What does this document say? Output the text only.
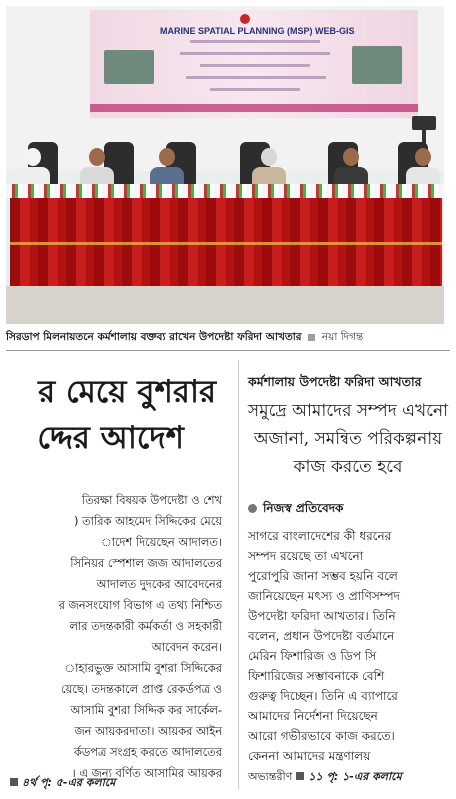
MARINE SPATIAL PLANNING (MSP) WEB-GIS
সিরডাপ মিলনায়তনে কর্মশালায় বক্তব্য রাখেন উপদেষ্টা ফরিদা আখতার নয়া দিগন্ত
র মেয়ে বুশরার
দ্দের আদেশ
তিরক্ষা বিষয়ক উপদেষ্টা ও শেখ
) তারিক আহমেদ সিদ্দিকের মেয়ে
াদেশ দিয়েছেন আদালত।
সিনিয়র স্পেশাল জজ আদালতের
আদালত দুদকের আবেদনের
র জনসংযোগ বিভাগ এ তথ্য নিশ্চিত
লার তদন্তকারী কর্মকর্তা ও সহকারী
আবেদন করেন।
াহারভুক্ত আসামি বুশরা সিদ্দিকের
য়েছে। তদন্তকালে প্রাপ্ত রেকর্ডপত্র ও
আসামি বুশরা সিদ্দিক কর সার্কেল-
জন আয়করদাতা। আয়কর আইন
র্কডপত্র সংগ্রহ করতে আদালতের
। এ জন্য বর্ণিত আসামির আয়কর
৪র্থ পৃ: ৫-এর কলামে
কর্মশালায় উপদেষ্টা ফরিদা আখতার
সমুদ্রে আমাদের সম্পদ এখনো
অজানা, সমন্বিত পরিকল্পনায়
কাজ করতে হবে
নিজস্ব প্রতিবেদক
সাগরে বাংলাদেশের কী ধরনের
সম্পদ রয়েছে তা এখনো
পুরোপুরি জানা সম্ভব হয়নি বলে
জানিয়েছেন মৎস্য ও প্রাণিসম্পদ
উপদেষ্টা ফরিদা আখতার। তিনি
বলেন, প্রধান উপদেষ্টা বর্তমানে
মেরিন ফিশারিজ ও ডিপ সি
ফিশারিজের সম্ভাবনাকে বেশি
গুরুত্ব দিচ্ছেন। তিনি এ ব্যাপারে
আমাদের নির্দেশনা দিয়েছেন
আরো গভীরভাবে কাজ করতে।
কেননা আমাদের মন্ত্রণালয়
অভ্যন্তরীণ ১১ পৃ: ১-এর কলামে
